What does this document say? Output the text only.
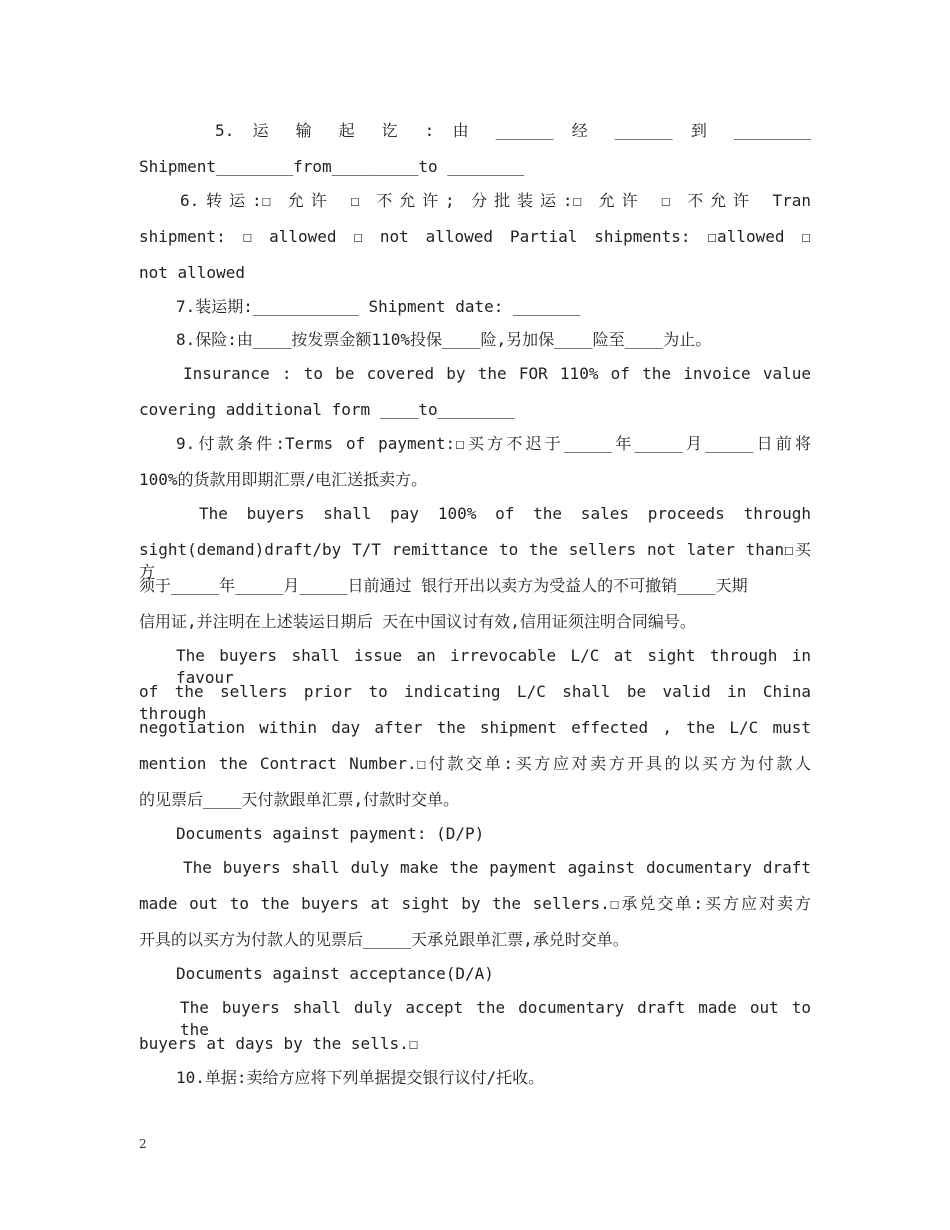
5. 运 输 起 讫 : 由 ______ 经 ______ 到 ________
Shipment________from_________to ________
6.转运:☐ 允许 ☐ 不允许; 分批装运:☐ 允许 ☐ 不允许 Tran
shipment: ☐ allowed ☐ not allowed Partial shipments: ☐allowed ☐
not allowed
7.装运期:___________ Shipment date: _______
8.保险:由____按发票金额110%投保____险,另加保____险至____为止。
Insurance : to be covered by the FOR 110% of the invoice value
covering additional form ____to________
9.付款条件:Terms of payment:☐买方不迟于_____年_____月_____日前将
100%的货款用即期汇票/电汇送抵卖方。
The buyers shall pay 100% of the sales proceeds through
sight(demand)draft/by T/T remittance to the sellers not later than☐买方
须于_____年_____月_____日前通过 银行开出以卖方为受益人的不可撤销____天期
信用证,并注明在上述装运日期后 天在中国议讨有效,信用证须注明合同编号。
The buyers shall issue an irrevocable L/C at sight through in favour
of the sellers prior to indicating L/C shall be valid in China through
negotiation within day after the shipment effected , the L/C must
mention the Contract Number.☐付款交单:买方应对卖方开具的以买方为付款人
的见票后____天付款跟单汇票,付款时交单。
Documents against payment: (D/P)
The buyers shall duly make the payment against documentary draft
made out to the buyers at sight by the sellers.☐承兑交单:买方应对卖方
开具的以买方为付款人的见票后_____天承兑跟单汇票,承兑时交单。
Documents against acceptance(D/A)
The buyers shall duly accept the documentary draft made out to the
buyers at days by the sells.☐
10.单据:卖给方应将下列单据提交银行议付/托收。
2
